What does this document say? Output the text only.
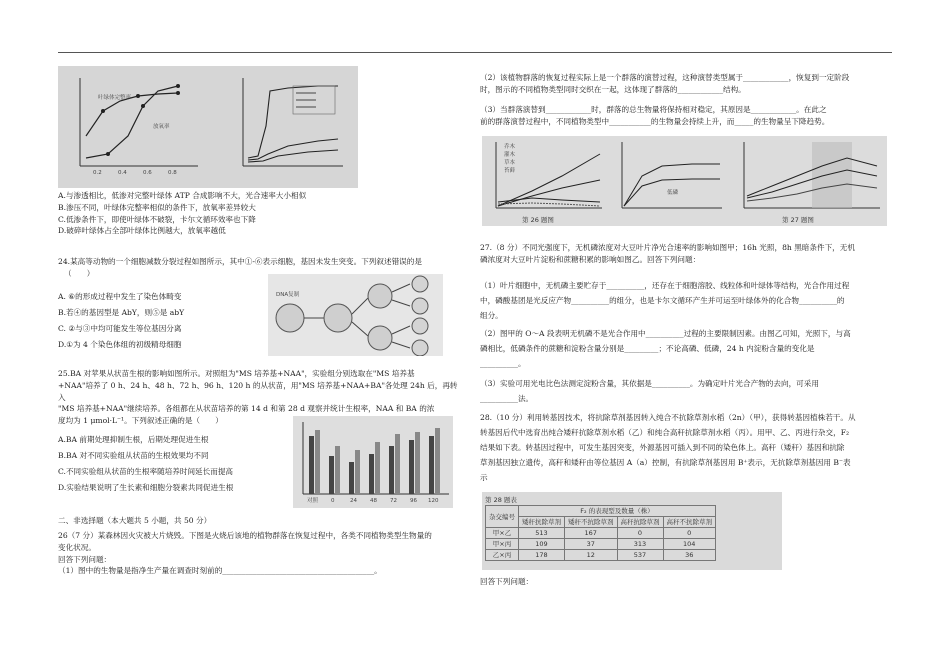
叶绿体完整率
放氧率
0.2	0.4	0.6	0.8

A.与渗透相比，低渗对完整叶绿体 ATP 合成影响不大，光合速率大小相似

B.渗压不同，叶绿体完整率相似的条件下，放氧率差异较大

C.低渗条件下，即使叶绿体不破裂，卡尔文循环效率也下降

D.破碎叶绿体占全部叶绿体比例越大，放氧率越低

24.某高等动物的一个细胞减数分裂过程如图所示，其中①-⑥表示细胞，基因未发生突变。下列叙述错误的是

（　　）

A. ⑥的形成过程中发生了染色体畸变

B.若④的基因型是 AbY，则⑤是 abY

C. ②与③中均可能发生等位基因分离

D.①为 4 个染色体组的初级精母细胞

DNA复制

25.BA 对苹果从状苗生根的影响如图所示。对照组为"MS 培养基+NAA"，实验组分别选取在"MS 培养基

+NAA"培养了 0 h、24 h、48 h、72 h、96 h、120 h 的从状苗，用"MS 培养基+NAA+BA"各处理 24h 后，再转入

"MS 培养基+NAA"继续培养。各组都在从状苗培养的第 14 d 和第 28 d 观察并统计生根率，NAA 和 BA 的浓

度均为 1 μmol·L⁻¹。下列叙述正确的是（　　）

A.BA 前期处理抑制生根，后期处理促进生根

B.BA 对不同实验组从状苗的生根效果均不同

C.不同实验组从状苗的生根率随培养时间延长而提高

D.实验结果说明了生长素和细胞分裂素共同促进生根

对照 0	24 48 72 96 120

二、非选择题（本大题共 5 小题，共 50 分）

26（7 分）某森林因火灾被大片烧毁。下图是火烧后该地的植物群落在恢复过程中，各类不同植物类型生物量的

变化状况。

回答下列问题：

（1）图中的生物量是指净生产量在调查时刻前的________________________________________。

（2）该植物群落的恢复过程实际上是一个群落的演替过程，这种演替类型属于____________，恢复到一定阶段

时，图示的不同植物类型同时交织在一起，这体现了群落的____________结构。

（3）当群落演替到____________时，群落的总生物量将保持相对稳定，其原因是____________。在此之

前的群落演替过程中，不同植物类型中___________的生物量会持续上升，而_____的生物量呈下降趋势。

乔木
灌木
草本
苔藓
低磷
第 26 题图	第 27 题图

27.（8 分）不同光强度下，无机磷浓度对大豆叶片净光合速率的影响如图甲；16h 光照，8h 黑暗条件下，无机

磷浓度对大豆叶片淀粉和蔗糖积累的影响如图乙。回答下列问题：

（1）叶片细胞中，无机磷主要贮存于__________，还存在于细胞溶胶、线粒体和叶绿体等结构，光合作用过程

中，磷酸基团是光反应产物__________的组分，也是卡尔文循环产生并可运至叶绿体外的化合物__________的

组分。

（2）图甲的 O～A 段表明无机磷不是光合作用中__________过程的主要限制因素。由图乙可知，光照下，与高

磷相比，低磷条件的蔗糖和淀粉含量分别是_________；不论高磷、低磷，24 h 内淀粉含量的变化是

__________。

（3）实验可用光电比色法测定淀粉含量，其依据是__________。为确定叶片光合产物的去向，可采用

__________法。

28.（10 分）利用转基因技术，将抗除草剂基因转入纯合不抗除草剂水稻（2n）（甲），获得转基因植株若干。从

转基因后代中选育出纯合矮秆抗除草剂水稻（乙）和纯合高秆抗除草剂水稻（丙）。用甲、乙、丙进行杂交，F₂

结果如下表。转基因过程中，可发生基因突变，外源基因可插入到不同的染色体上。高秆（矮秆）基因和抗除

草剂基因独立遗传，高秆和矮秆由等位基因 A（a）控制，有抗除草剂基因用 B⁺表示，无抗除草剂基因用 B⁻表

示

第 28 题表
杂交编号	F₂ 的表现型及数量（株）			
	矮秆抗除草剂	矮秆不抗除草剂	高秆抗除草剂	高秆不抗除草剂
甲×乙	513	167	0	0
甲×丙	109	37	313	104
乙×丙	178	12	537	36

回答下列问题：
